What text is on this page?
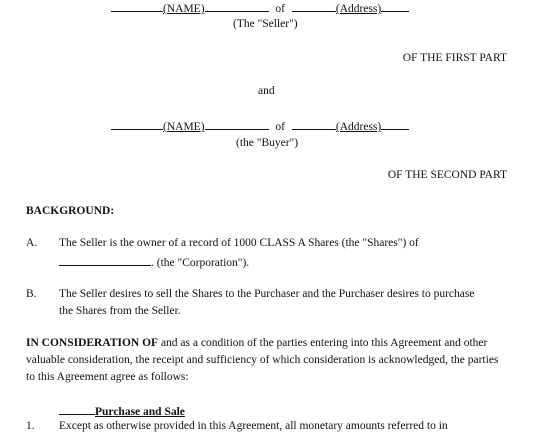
(NAME)	of	(Address)
(The "Seller")
OF THE FIRST PART
and
(NAME)	of	(Address)
(the "Buyer")
OF THE SECOND PART
BACKGROUND:
A. The Seller is the owner of a record of 1000 CLASS A Shares (the "Shares") of
. (the "Corporation").
B. The Seller desires to sell the Shares to the Purchaser and the Purchaser desires to purchase
the Shares from the Seller.
IN CONSIDERATION OF and as a condition of the parties entering into this Agreement and other
valuable consideration, the receipt and sufficiency of which consideration is acknowledged, the parties
to this Agreement agree as follows:
Purchase and Sale
1. Except as otherwise provided in this Agreement, all monetary amounts referred to in
